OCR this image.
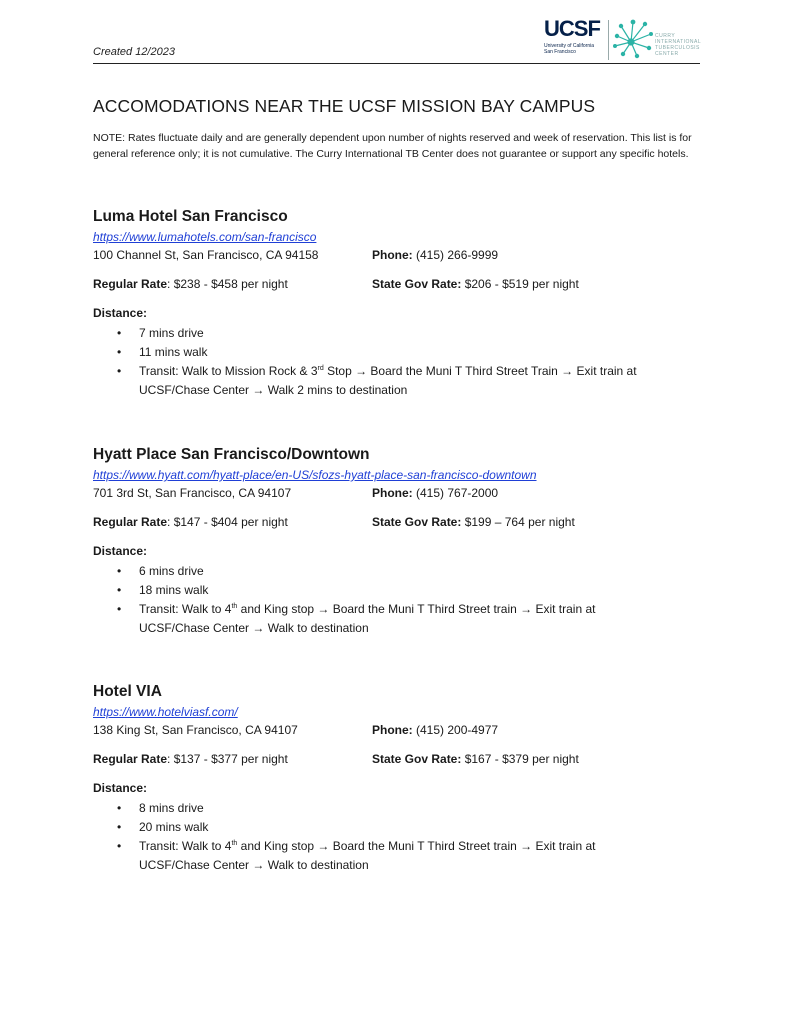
Created 12/2023
UCSF
University of California
San Francisco
CURRY
INTERNATIONAL
TUBERCULOSIS
CENTER
ACCOMODATIONS NEAR THE UCSF MISSION BAY CAMPUS
NOTE: Rates fluctuate daily and are generally dependent upon number of nights reserved and week of reservation. This list is for general reference only; it is not cumulative. The Curry International TB Center does not guarantee or support any specific hotels.
Luma Hotel San Francisco
https://www.lumahotels.com/san-francisco
100 Channel St, San Francisco, CA 94158	Phone: (415) 266-9999
Regular Rate: $238 - $458 per night	State Gov Rate: $206 - $519 per night
Distance:
• 7 mins drive
• 11 mins walk
• Transit: Walk to Mission Rock & 3rd Stop → Board the Muni T Third Street Train → Exit train at
UCSF/Chase Center → Walk 2 mins to destination
Hyatt Place San Francisco/Downtown
https://www.hyatt.com/hyatt-place/en-US/sfozs-hyatt-place-san-francisco-downtown
701 3rd St, San Francisco, CA 94107	Phone: (415) 767-2000
Regular Rate: $147 - $404 per night	State Gov Rate: $199 – 764 per night
Distance:
• 6 mins drive
• 18 mins walk
• Transit: Walk to 4th and King stop → Board the Muni T Third Street train → Exit train at
UCSF/Chase Center → Walk to destination
Hotel VIA
https://www.hotelviasf.com/
138 King St, San Francisco, CA 94107	Phone: (415) 200-4977
Regular Rate: $137 - $377 per night	State Gov Rate: $167 - $379 per night
Distance:
• 8 mins drive
• 20 mins walk
• Transit: Walk to 4th and King stop → Board the Muni T Third Street train → Exit train at
UCSF/Chase Center → Walk to destination
